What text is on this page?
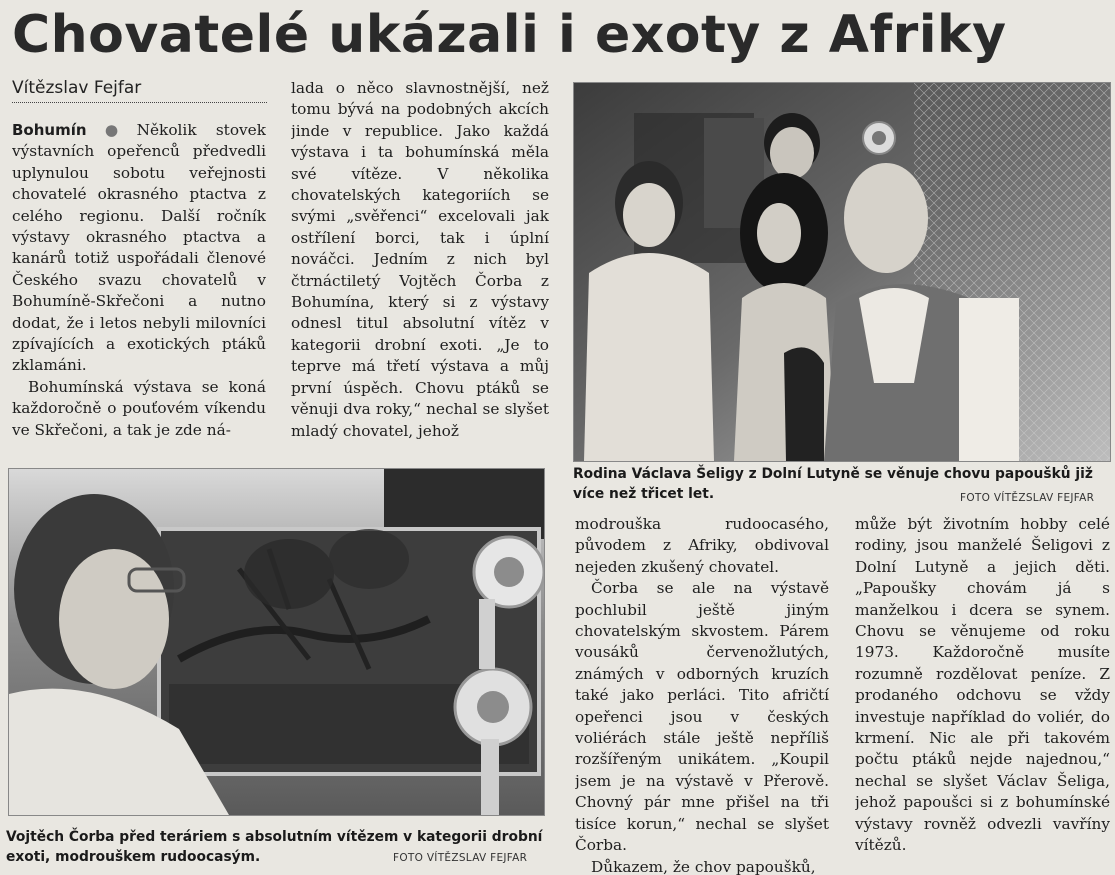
Chovatelé ukázali i exoty z Afriky
Vítězslav Fejfar

Bohumín ● Několik stovek výstavních opeřenců předvedli uplynulou sobotu veřejnosti chovatelé okrasného ptactva z celého regionu. Další ročník výstavy okrasného ptactva a kanárů totiž uspořádali členové Českého svazu chovatelů v Bohumíně-Skřečoni a nutno dodat, že i letos nebyli milovníci zpívajících a exotických ptáků zklamáni.

Bohumínská výstava se koná každoročně o pouťovém víkendu ve Skřečoni, a tak je zde ná-

lada o něco slavnostnější, než tomu bývá na podobných akcích jinde v republice. Jako každá výstava i ta bohumínská měla své vítěze. V několika chovatelských kategoriích se svými „svěřenci“ excelovali jak ostřílení borci, tak i úplní nováčci. Jedním z nich byl čtrnáctiletý Vojtěch Čorba z Bohumína, který si z výstavy odnesl titul absolutní vítěz v kategorii drobní exoti. „Je to teprve má třetí výstava a můj první úspěch. Chovu ptáků se věnuji dva roky,“ nechal se slyšet mladý chovatel, jehož

Rodina Václava Šeligy z Dolní Lutyně se věnuje chovu papoušků již více než třicet let.	FOTO VÍTĚZSLAV FEJFAR
Vojtěch Čorba před teráriem s absolutním vítězem v kategorii drobní exoti, modrouškem rudoocasým.	FOTO VÍTĚZSLAV FEJFAR

modrouška rudoocasého, původem z Afriky, obdivoval nejeden zkušený chovatel.

Čorba se ale na výstavě pochlubil ještě jiným chovatelským skvostem. Párem vousáků červenožlutých, známých v odborných kruzích také jako perláci. Tito afričtí opeřenci jsou v českých voliérách stále ještě nepříliš rozšířeným unikátem. „Koupil jsem je na výstavě v Přerově. Chovný pár mne přišel na tři tisíce korun,“ nechal se slyšet Čorba.

Důkazem, že chov papoušků,

může být životním hobby celé rodiny, jsou manželé Šeligovi z Dolní Lutyně a jejich děti. „Papoušky chovám já s manželkou i dcera se synem. Chovu se věnujeme od roku 1973. Každoročně musíte rozumně rozdělovat peníze. Z prodaného odchovu se vždy investuje například do voliér, do krmení. Nic ale při takovém počtu ptáků nejde najednou,“ nechal se slyšet Václav Šeliga, jehož papoušci si z bohumínské výstavy rovněž odvezli vavříny vítězů.
